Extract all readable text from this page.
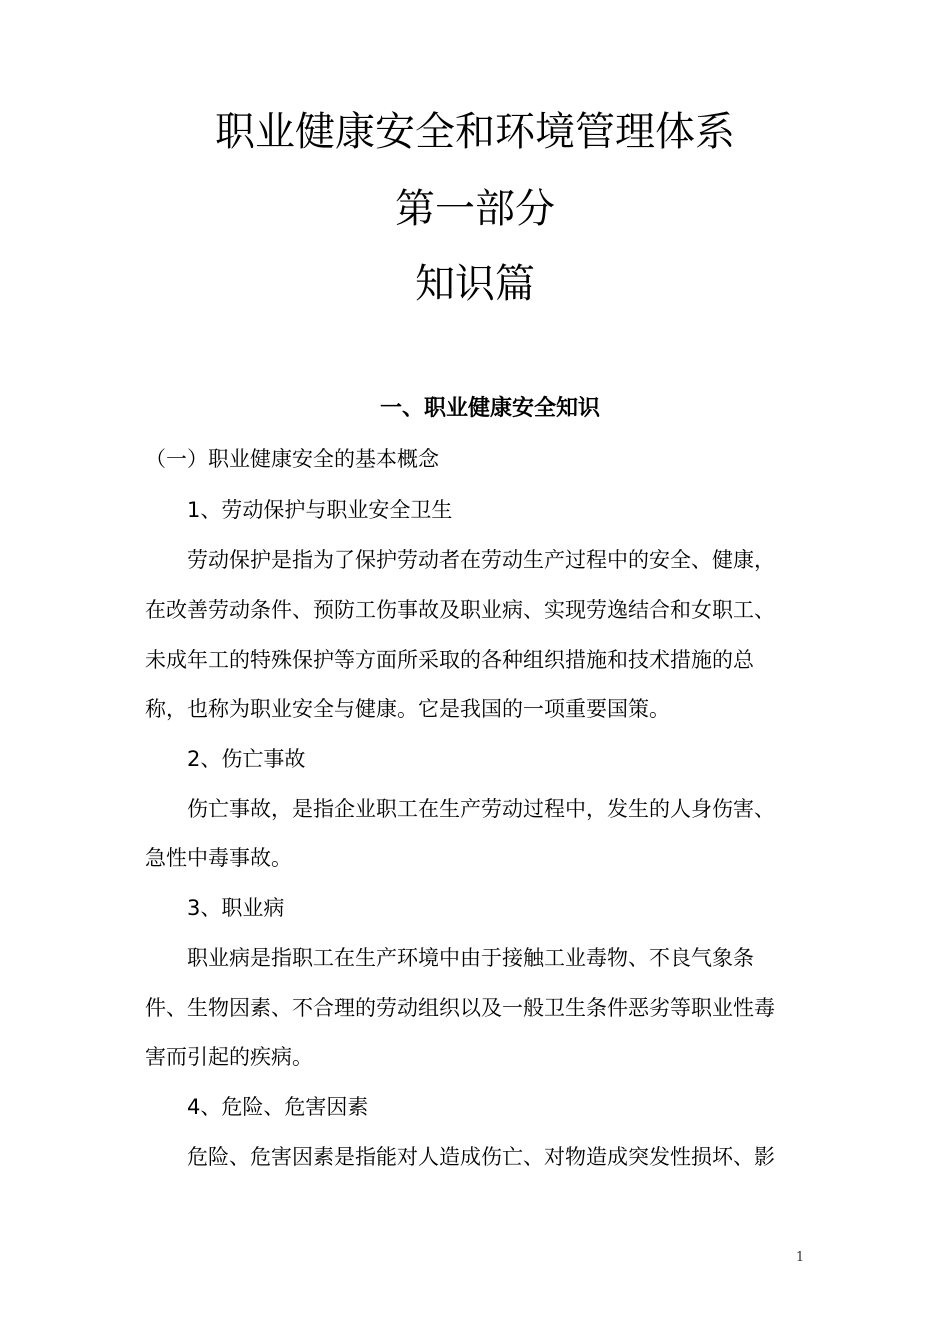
职业健康安全和环境管理体系
第一部分
知识篇
一、职业健康安全知识

（一）职业健康安全的基本概念

1、劳动保护与职业安全卫生

劳动保护是指为了保护劳动者在劳动生产过程中的安全、健康，

在改善劳动条件、预防工伤事故及职业病、实现劳逸结合和女职工、

未成年工的特殊保护等方面所采取的各种组织措施和技术措施的总

称，也称为职业安全与健康。它是我国的一项重要国策。

2、伤亡事故

伤亡事故，是指企业职工在生产劳动过程中，发生的人身伤害、

急性中毒事故。

3、职业病

职业病是指职工在生产环境中由于接触工业毒物、不良气象条

件、生物因素、不合理的劳动组织以及一般卫生条件恶劣等职业性毒

害而引起的疾病。

4、危险、危害因素

危险、危害因素是指能对人造成伤亡、对物造成突发性损坏、影

1
